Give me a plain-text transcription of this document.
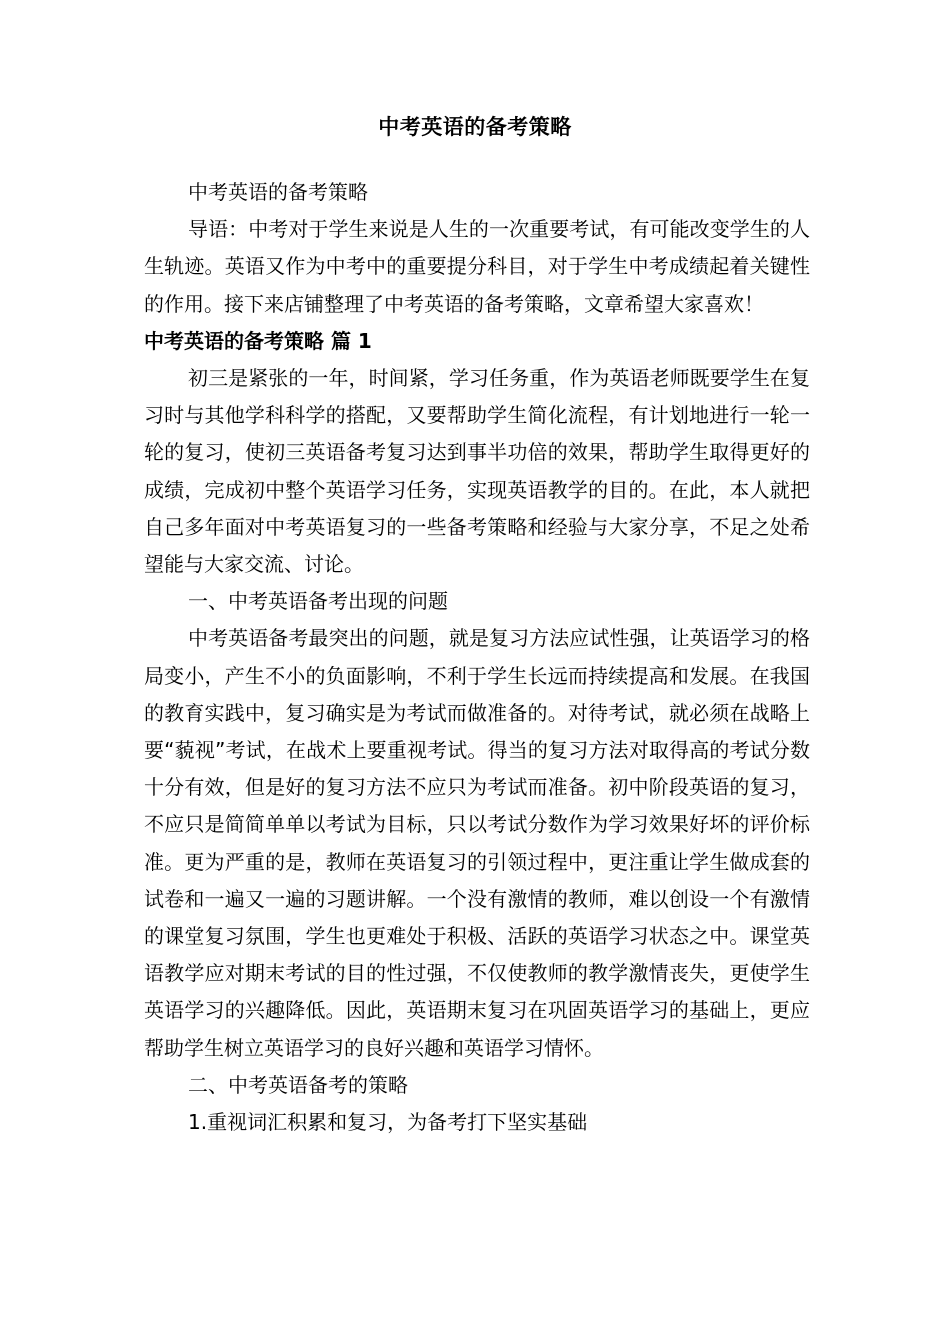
中考英语的备考策略

中考英语的备考策略

导语：中考对于学生来说是人生的一次重要考试，有可能改变学生的人生轨迹。英语又作为中考中的重要提分科目，对于学生中考成绩起着关键性的作用。接下来店铺整理了中考英语的备考策略，文章希望大家喜欢！

中考英语的备考策略 篇 1

初三是紧张的一年，时间紧，学习任务重，作为英语老师既要学生在复习时与其他学科科学的搭配，又要帮助学生简化流程，有计划地进行一轮一轮的复习，使初三英语备考复习达到事半功倍的效果，帮助学生取得更好的成绩，完成初中整个英语学习任务，实现英语教学的目的。在此，本人就把自己多年面对中考英语复习的一些备考策略和经验与大家分享，不足之处希望能与大家交流、讨论。

一、中考英语备考出现的问题

中考英语备考最突出的问题，就是复习方法应试性强，让英语学习的格局变小，产生不小的负面影响，不利于学生长远而持续提高和发展。在我国的教育实践中，复习确实是为考试而做准备的。对待考试，就必须在战略上要“藐视”考试，在战术上要重视考试。得当的复习方法对取得高的考试分数十分有效，但是好的复习方法不应只为考试而准备。初中阶段英语的复习，不应只是简简单单以考试为目标，只以考试分数作为学习效果好坏的评价标准。更为严重的是，教师在英语复习的引领过程中，更注重让学生做成套的试卷和一遍又一遍的习题讲解。一个没有激情的教师，难以创设一个有激情的课堂复习氛围，学生也更难处于积极、活跃的英语学习状态之中。课堂英语教学应对期末考试的目的性过强，不仅使教师的教学激情丧失，更使学生英语学习的兴趣降低。因此，英语期末复习在巩固英语学习的基础上，更应帮助学生树立英语学习的良好兴趣和英语学习情怀。

二、中考英语备考的策略

1.重视词汇积累和复习，为备考打下坚实基础
